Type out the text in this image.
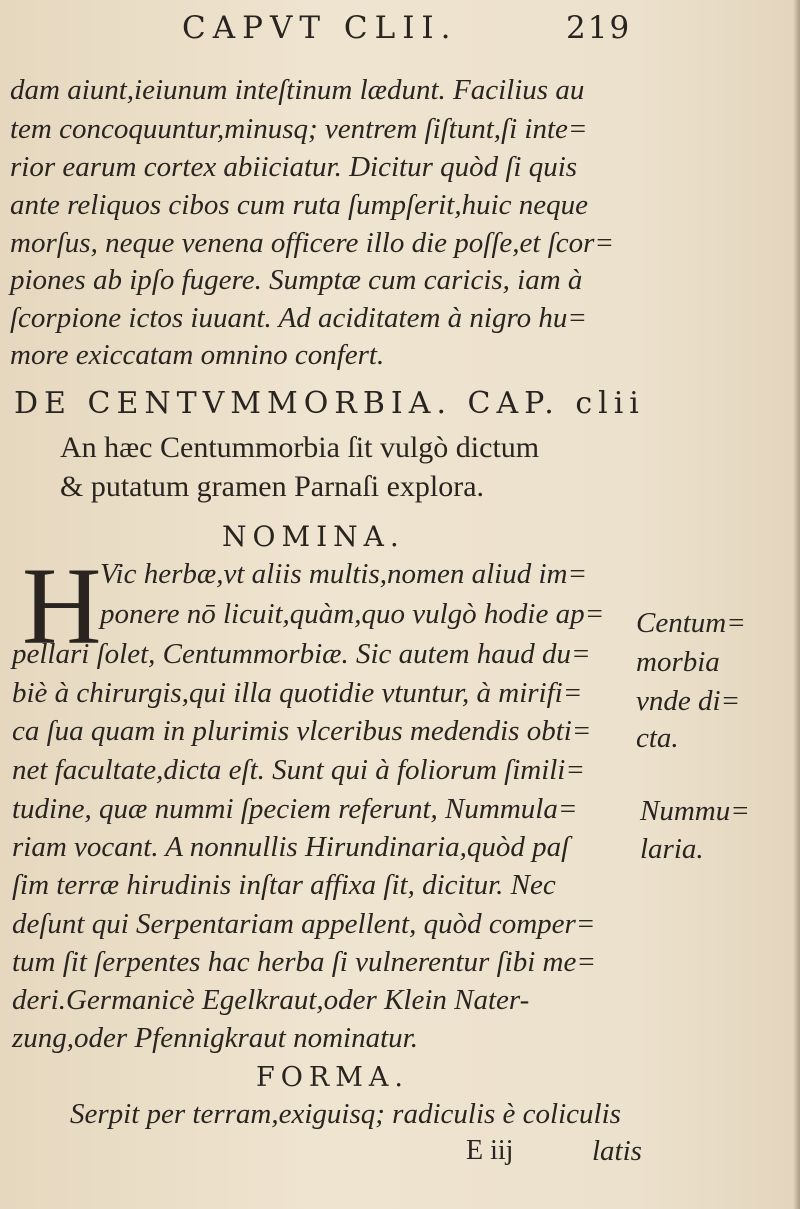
CAPVT CLII.	219
dam aiunt,ieiunum inteſtinum lædunt. Facilius au
tem concoquuntur,minusq; ventrem ſiſtunt,ſi inte=
rior earum cortex abiiciatur. Dicitur quòd ſi quis
ante reliquos cibos cum ruta ſumpſerit,huic neque
morſus, neque venena officere illo die poſſe,et ſcor=
piones ab ipſo fugere. Sumptæ cum caricis, iam à
ſcorpione ictos iuuant. Ad aciditatem à nigro hu=
more exiccatam omnino confert.
DE CENTVMMORBIA. CAP. clii
An hæc Centummorbia ſit vulgò dictum
& putatum gramen Parnaſi explora.
NOMINA.
H
Vic herbæ,vt aliis multis,nomen aliud im=
ponere nō licuit,quàm,quo vulgò hodie ap=
pellari ſolet, Centummorbiæ. Sic autem haud du=
biè à chirurgis,qui illa quotidie vtuntur, à mirifi=
ca ſua quam in plurimis vlceribus medendis obti=
net facultate,dicta eſt. Sunt qui à foliorum ſimili=
tudine, quæ nummi ſpeciem referunt, Nummula=
riam vocant. A nonnullis Hirundinaria,quòd paſ
ſim terræ hirudinis inſtar affixa ſit, dicitur. Nec
deſunt qui Serpentariam appellent, quòd comper=
tum ſit ſerpentes hac herba ſi vulnerentur ſibi me=
deri.Germanicè Egelkraut,oder Klein Nater-
zung,oder Pfennigkraut nominatur.
Centum=
morbia
vnde di=
cta.
Nummu=
laria.
FORMA.
Serpit per terram,exiguisq; radiculis è coliculis
E iij	latis
